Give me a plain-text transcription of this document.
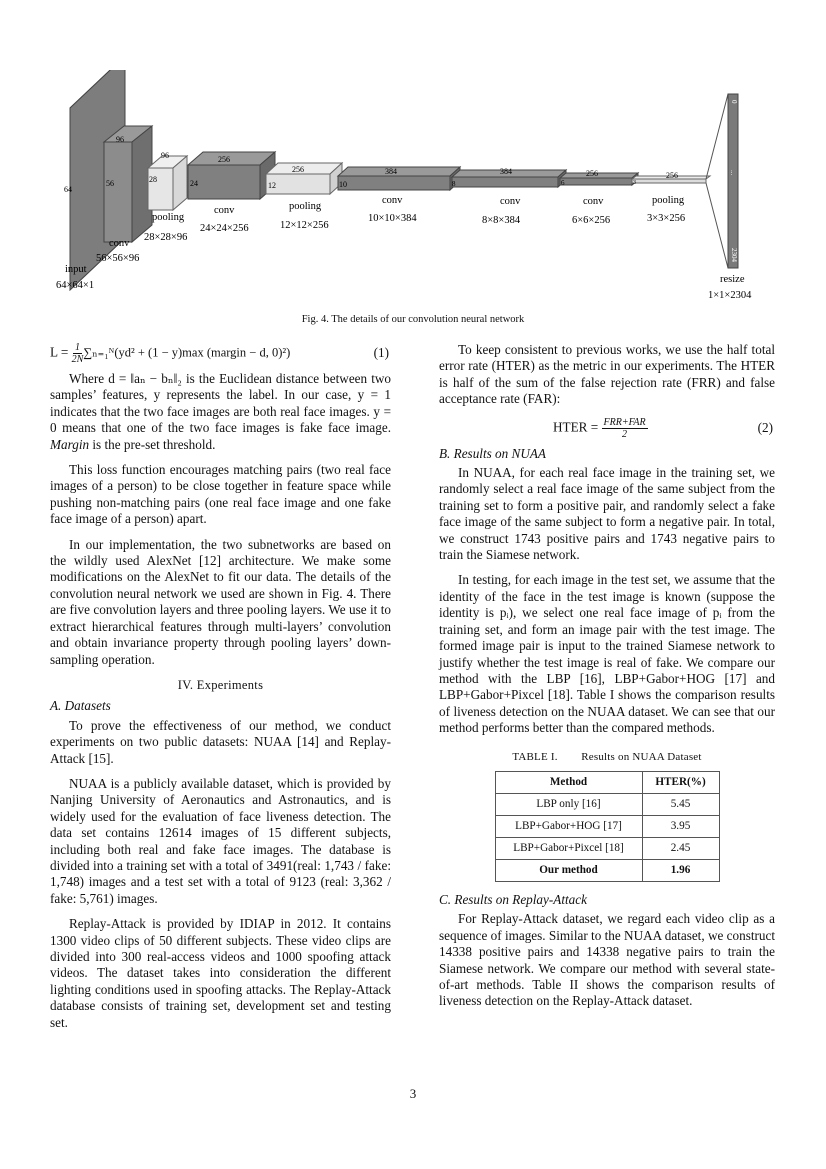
64
96
56
96
28
256
24
256
12
384
10
384
8
256
6
256
3
0
...
2304
input
64×64×1
conv
56×56×96
pooling
28×28×96
conv
24×24×256
pooling
12×12×256
conv
10×10×384
conv
8×8×384
conv
6×6×256
pooling
3×3×256
resize
1×1×2304
Fig. 4. The details of our convolution neural network
$L = \frac{1}{2N}$ ∑ₙ₌₁ᴺ(yd² + (1 − y)max (margin − d, 0)²)	(1)

Where d = ‖aₙ − bₙ‖₂ is the Euclidean distance between two samples’ features, y represents the label. In our case, y = 1 indicates that the two face images are both real face images. y = 0 means that one of the two face images is fake face image. Margin is the pre-set threshold.

This loss function encourages matching pairs (two real face images of a person) to be close together in feature space while pushing non-matching pairs (one real face image and one fake face image of a person) apart.

In our implementation, the two subnetworks are based on the wildly used AlexNet [12] architecture. We make some modifications on the AlexNet to fit our data. The details of the convolution neural network we used are shown in Fig. 4. There are five convolution layers and three pooling layers. We use it to extract hierarchical features through multi-layers’ convolution and obtain invariance property through pooling layers’ down-sampling operation.

IV. Experiments
A. Datasets

To prove the effectiveness of our method, we conduct experiments on two public datasets: NUAA [14] and Replay-Attack [15].

NUAA is a publicly available dataset, which is provided by Nanjing University of Aeronautics and Astronautics, and is widely used for the evaluation of face liveness detection. The data set contains 12614 images of 15 different subjects, including both real and fake face images. The database is divided into a training set with a total of 3491(real: 1,743 / fake: 1,748) images and a test set with a total of 9123 (real: 3,362 / fake: 5,761) images.

Replay-Attack is provided by IDIAP in 2012. It contains 1300 video clips of 50 different subjects. These video clips are divided into 300 real-access videos and 1000 spoofing attack videos. The dataset takes into consideration the different lighting conditions used in spoofing attacks. The Replay-Attack database consists of training set, development set and testing set.

To keep consistent to previous works, we use the half total error rate (HTER) as the metric in our experiments. The HTER is half of the sum of the false rejection rate (FRR) and false acceptance rate (FAR):

HTER = $\frac{\text{FRR+FAR}}{2}$	(2)
B. Results on NUAA

In NUAA, for each real face image in the training set, we randomly select a real face image of the same subject from the training set to form a positive pair, and randomly select a fake face image of the same subject to form a negative pair. In total, we construct 1743 positive pairs and 1743 negative pairs to train the Siamese network.

In testing, for each image in the test set, we assume that the identity of the face in the test image is known (suppose the identity is pᵢ), we select one real face image of pᵢ from the training set, and form an image pair with the test image. The formed image pair is input to the trained Siamese network to justify whether the test image is real of fake. We compare our method with the LBP [16], LBP+Gabor+HOG [17] and LBP+Gabor+Pixcel [18]. Table I shows the comparison results of liveness detection on the NUAA dataset. We can see that our method performs better than the compared methods.

TABLE I.        Results on NUAA Dataset
Method	HTER(%)
LBP only [16]	5.45
LBP+Gabor+HOG [17]	3.95
LBP+Gabor+Pixcel [18]	2.45
Our method	1.96
C. Results on Replay-Attack

For Replay-Attack dataset, we regard each video clip as a sequence of images. Similar to the NUAA dataset, we construct 14338 positive pairs and 14338 negative pairs to train the Siamese network. We compare our method with several state-of-art methods. Table II shows the comparison results of liveness detection on the Replay-Attack dataset.

3
